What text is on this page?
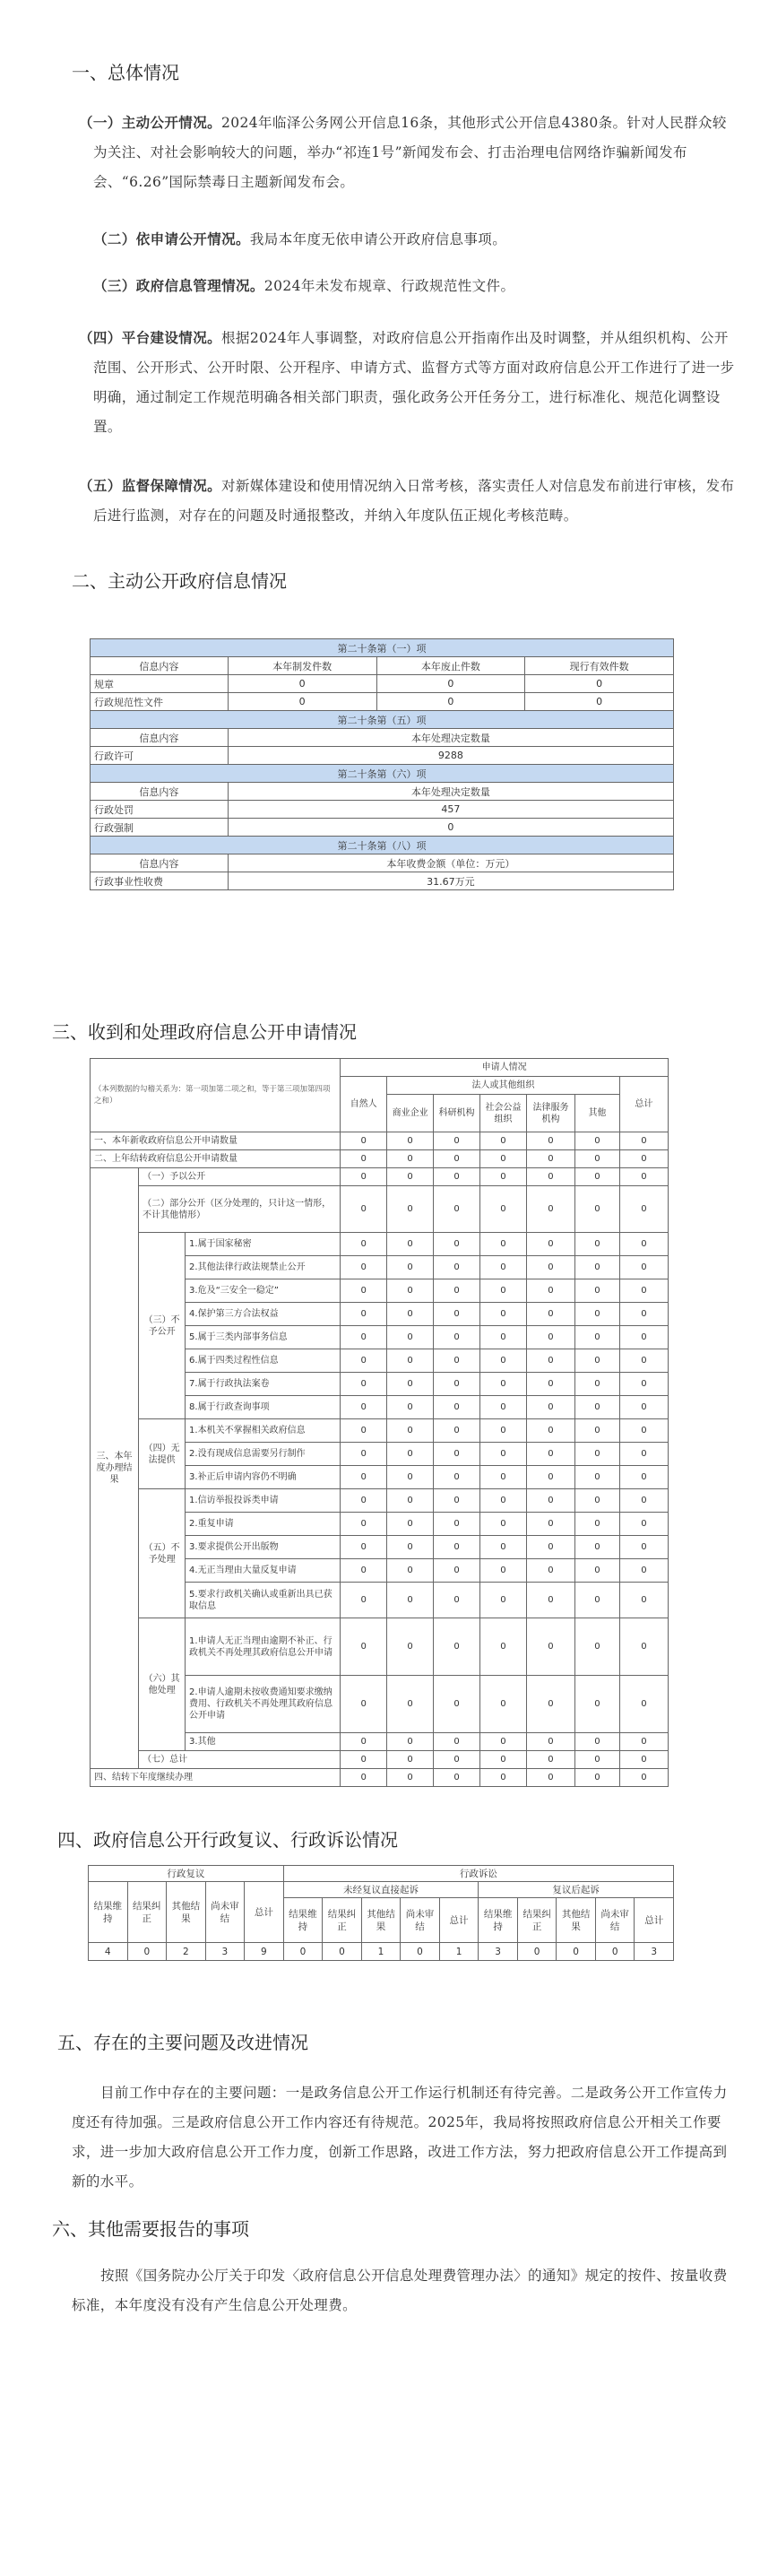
一、总体情况

（一）主动公开情况。2024年临泽公务网公开信息16条，其他形式公开信息4380条。针对人民群众较为关注、对社会影响较大的问题，举办“祁连1号”新闻发布会、打击治理电信网络诈骗新闻发布会、“6.26”国际禁毒日主题新闻发布会。

（二）依申请公开情况。我局本年度无依申请公开政府信息事项。

（三）政府信息管理情况。2024年未发布规章、行政规范性文件。

（四）平台建设情况。根据2024年人事调整，对政府信息公开指南作出及时调整，并从组织机构、公开范围、公开形式、公开时限、公开程序、申请方式、监督方式等方面对政府信息公开工作进行了进一步明确，通过制定工作规范明确各相关部门职责，强化政务公开任务分工，进行标准化、规范化调整设置。

（五）监督保障情况。对新媒体建设和使用情况纳入日常考核，落实责任人对信息发布前进行审核，发布后进行监测，对存在的问题及时通报整改，并纳入年度队伍正规化考核范畴。

二、主动公开政府信息情况
第二十条第（一）项			
信息内容	本年制发件数	本年废止件数	现行有效件数
规章	0	0	0
行政规范性文件	0	0	0
第二十条第（五）项			
信息内容	本年处理决定数量		
行政许可	9288		
第二十条第（六）项			
信息内容	本年处理决定数量		
行政处罚	457		
行政强制	0		
第二十条第（八）项			
信息内容	本年收费金额（单位：万元）		
行政事业性收费	31.67万元		
三、收到和处理政府信息公开申请情况
（本列数据的勾稽关系为：第一项加第二项之和，等于第三项加第四项之和）			申请人情况						
			自然人	法人或其他组织					总计
				商业企业	科研机构	社会公益组织	法律服务机构	其他	
一、本年新收政府信息公开申请数量			0	0	0	0	0	0	0
二、上年结转政府信息公开申请数量			0	0	0	0	0	0	0
三、本年度办理结果	（一）予以公开		0	0	0	0	0	0	0
	（二）部分公开（区分处理的，只计这一情形，不计其他情形）		0	0	0	0	0	0	0
	（三）不予公开	1.属于国家秘密	0	0	0	0	0	0	0
		2.其他法律行政法规禁止公开	0	0	0	0	0	0	0
		3.危及“三安全一稳定”	0	0	0	0	0	0	0
		4.保护第三方合法权益	0	0	0	0	0	0	0
		5.属于三类内部事务信息	0	0	0	0	0	0	0
		6.属于四类过程性信息	0	0	0	0	0	0	0
		7.属于行政执法案卷	0	0	0	0	0	0	0
		8.属于行政查询事项	0	0	0	0	0	0	0
	（四）无法提供	1.本机关不掌握相关政府信息	0	0	0	0	0	0	0
		2.没有现成信息需要另行制作	0	0	0	0	0	0	0
		3.补正后申请内容仍不明确	0	0	0	0	0	0	0
	（五）不予处理	1.信访举报投诉类申请	0	0	0	0	0	0	0
		2.重复申请	0	0	0	0	0	0	0
		3.要求提供公开出版物	0	0	0	0	0	0	0
		4.无正当理由大量反复申请	0	0	0	0	0	0	0
		5.要求行政机关确认或重新出具已获取信息	0	0	0	0	0	0	0
	（六）其他处理	1.申请人无正当理由逾期不补正、行政机关不再处理其政府信息公开申请	0	0	0	0	0	0	0
		2.申请人逾期未按收费通知要求缴纳费用、行政机关不再处理其政府信息公开申请	0	0	0	0	0	0	0
		3.其他	0	0	0	0	0	0	0
	（七）总计		0	0	0	0	0	0	0
四、结转下年度继续办理			0	0	0	0	0	0	0
四、政府信息公开行政复议、行政诉讼情况
行政复议					行政诉讼									
结果维持	结果纠正	其他结果	尚未审结	总计	未经复议直接起诉					复议后起诉				
					结果维持	结果纠正	其他结果	尚未审结	总计	结果维持	结果纠正	其他结果	尚未审结	总计
4	0	2	3	9	0	0	1	0	1	3	0	0	0	3
五、存在的主要问题及改进情况

目前工作中存在的主要问题：一是政务信息公开工作运行机制还有待完善。二是政务公开工作宣传力度还有待加强。三是政府信息公开工作内容还有待规范。2025年，我局将按照政府信息公开相关工作要求，进一步加大政府信息公开工作力度，创新工作思路，改进工作方法，努力把政府信息公开工作提高到新的水平。

六、其他需要报告的事项

按照《国务院办公厅关于印发〈政府信息公开信息处理费管理办法〉的通知》规定的按件、按量收费标准，本年度没有没有产生信息公开处理费。
